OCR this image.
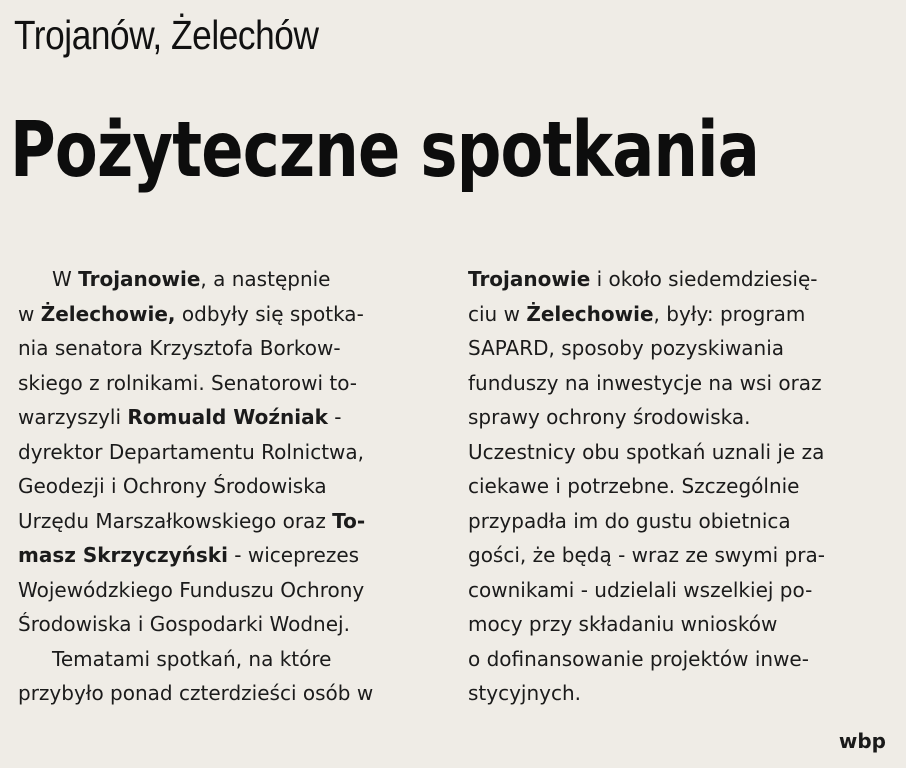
Trojanów, Żelechów
Pożyteczne spotkania
W Trojanowie, a następnie
w Żelechowie, odbyły się spotka-
nia senatora Krzysztofa Borkow-
skiego z rolnikami. Senatorowi to-
warzyszyli Romuald Woźniak -
dyrektor Departamentu Rolnictwa,
Geodezji i Ochrony Środowiska
Urzędu Marszałkowskiego oraz To-
masz Skrzyczyński - wiceprezes
Wojewódzkiego Funduszu Ochrony
Środowiska i Gospodarki Wodnej.
Tematami spotkań, na które
przybyło ponad czterdzieści osób w
Trojanowie i około siedemdziesię-
ciu w Żelechowie, były: program
SAPARD, sposoby pozyskiwania
funduszy na inwestycje na wsi oraz
sprawy ochrony środowiska.
Uczestnicy obu spotkań uznali je za
ciekawe i potrzebne. Szczególnie
przypadła im do gustu obietnica
gości, że będą - wraz ze swymi pra-
cownikami - udzielali wszelkiej po-
mocy przy składaniu wniosków
o dofinansowanie projektów inwe-
stycyjnych.
wbp
